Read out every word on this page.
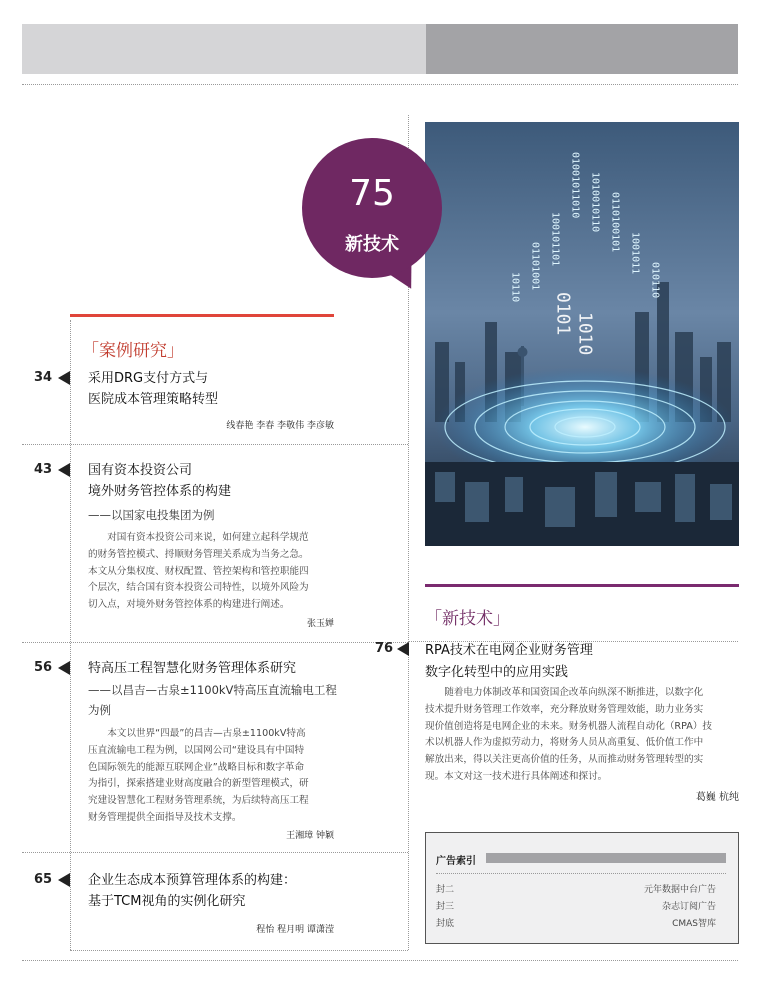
01001011010 1010010110 0110100101
100101101
01101001	1001011
010110
10110
0101 1010
75
新技术
「案例研究」
34	采用DRG支付方式与
医院成本管理策略转型
线春艳 李春 李敬伟 李彦敏
43	国有资本投资公司
境外财务管控体系的构建
——以国家电投集团为例
对国有资本投资公司来说，如何建立起科学规范
的财务管控模式、捋顺财务管理关系成为当务之急。
本文从分集权度、财权配置、管控架构和管控职能四
个层次，结合国有资本投资公司特性，以境外风险为
切入点，对境外财务管控体系的构建进行阐述。
张玉婵
56	特高压工程智慧化财务管理体系研究
——以昌吉—古泉±1100kV特高压直流输电工程
为例
本文以世界“四最”的昌吉—古泉±1100kV特高
压直流输电工程为例，以国网公司“建设具有中国特
色国际领先的能源互联网企业”战略目标和数字革命
为指引，探索搭建业财高度融合的新型管理模式，研
究建设智慧化工程财务管理系统，为后续特高压工程
财务管理提供全面指导及技术支撑。
王湘璋 钟颖
65	企业生态成本预算管理体系的构建：
基于TCM视角的实例化研究
程怡 程月明 谭潇滢
「新技术」
76 RPA技术在电网企业财务管理
数字化转型中的应用实践
随着电力体制改革和国资国企改革向纵深不断推进，以数字化
技术提升财务管理工作效率，充分释放财务管理效能，助力业务实
现价值创造将是电网企业的未来。财务机器人流程自动化（RPA）技
术以机器人作为虚拟劳动力，将财务人员从高重复、低价值工作中
解放出来，得以关注更高价值的任务，从而推动财务管理转型的实
现。本文对这一技术进行具体阐述和探讨。
葛巍 杭纯
广告索引
封二	元年数据中台广告
封三	杂志订阅广告
封底	CMAS智库
